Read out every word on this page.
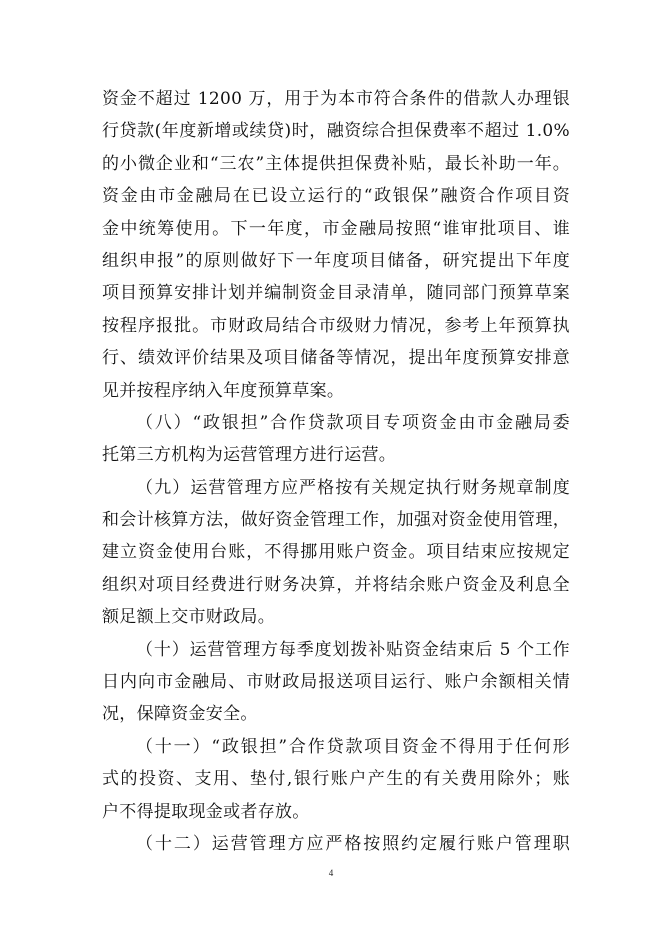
资金不超过 1200 万，用于为本市符合条件的借款人办理银
行贷款(年度新增或续贷)时，融资综合担保费率不超过 1.0%
的小微企业和“三农”主体提供担保费补贴，最长补助一年。
资金由市金融局在已设立运行的“政银保”融资合作项目资
金中统筹使用。下一年度，市金融局按照“谁审批项目、谁
组织申报”的原则做好下一年度项目储备，研究提出下年度
项目预算安排计划并编制资金目录清单，随同部门预算草案
按程序报批。市财政局结合市级财力情况，参考上年预算执
行、绩效评价结果及项目储备等情况，提出年度预算安排意
见并按程序纳入年度预算草案。
（八）“政银担”合作贷款项目专项资金由市金融局委
托第三方机构为运营管理方进行运营。
（九）运营管理方应严格按有关规定执行财务规章制度
和会计核算方法，做好资金管理工作，加强对资金使用管理，
建立资金使用台账，不得挪用账户资金。项目结束应按规定
组织对项目经费进行财务决算，并将结余账户资金及利息全
额足额上交市财政局。
（十）运营管理方每季度划拨补贴资金结束后 5 个工作
日内向市金融局、市财政局报送项目运行、账户余额相关情
况，保障资金安全。
（十一）“政银担”合作贷款项目资金不得用于任何形
式的投资、支用、垫付,银行账户产生的有关费用除外；账
户不得提取现金或者存放。
（十二）运营管理方应严格按照约定履行账户管理职
4
